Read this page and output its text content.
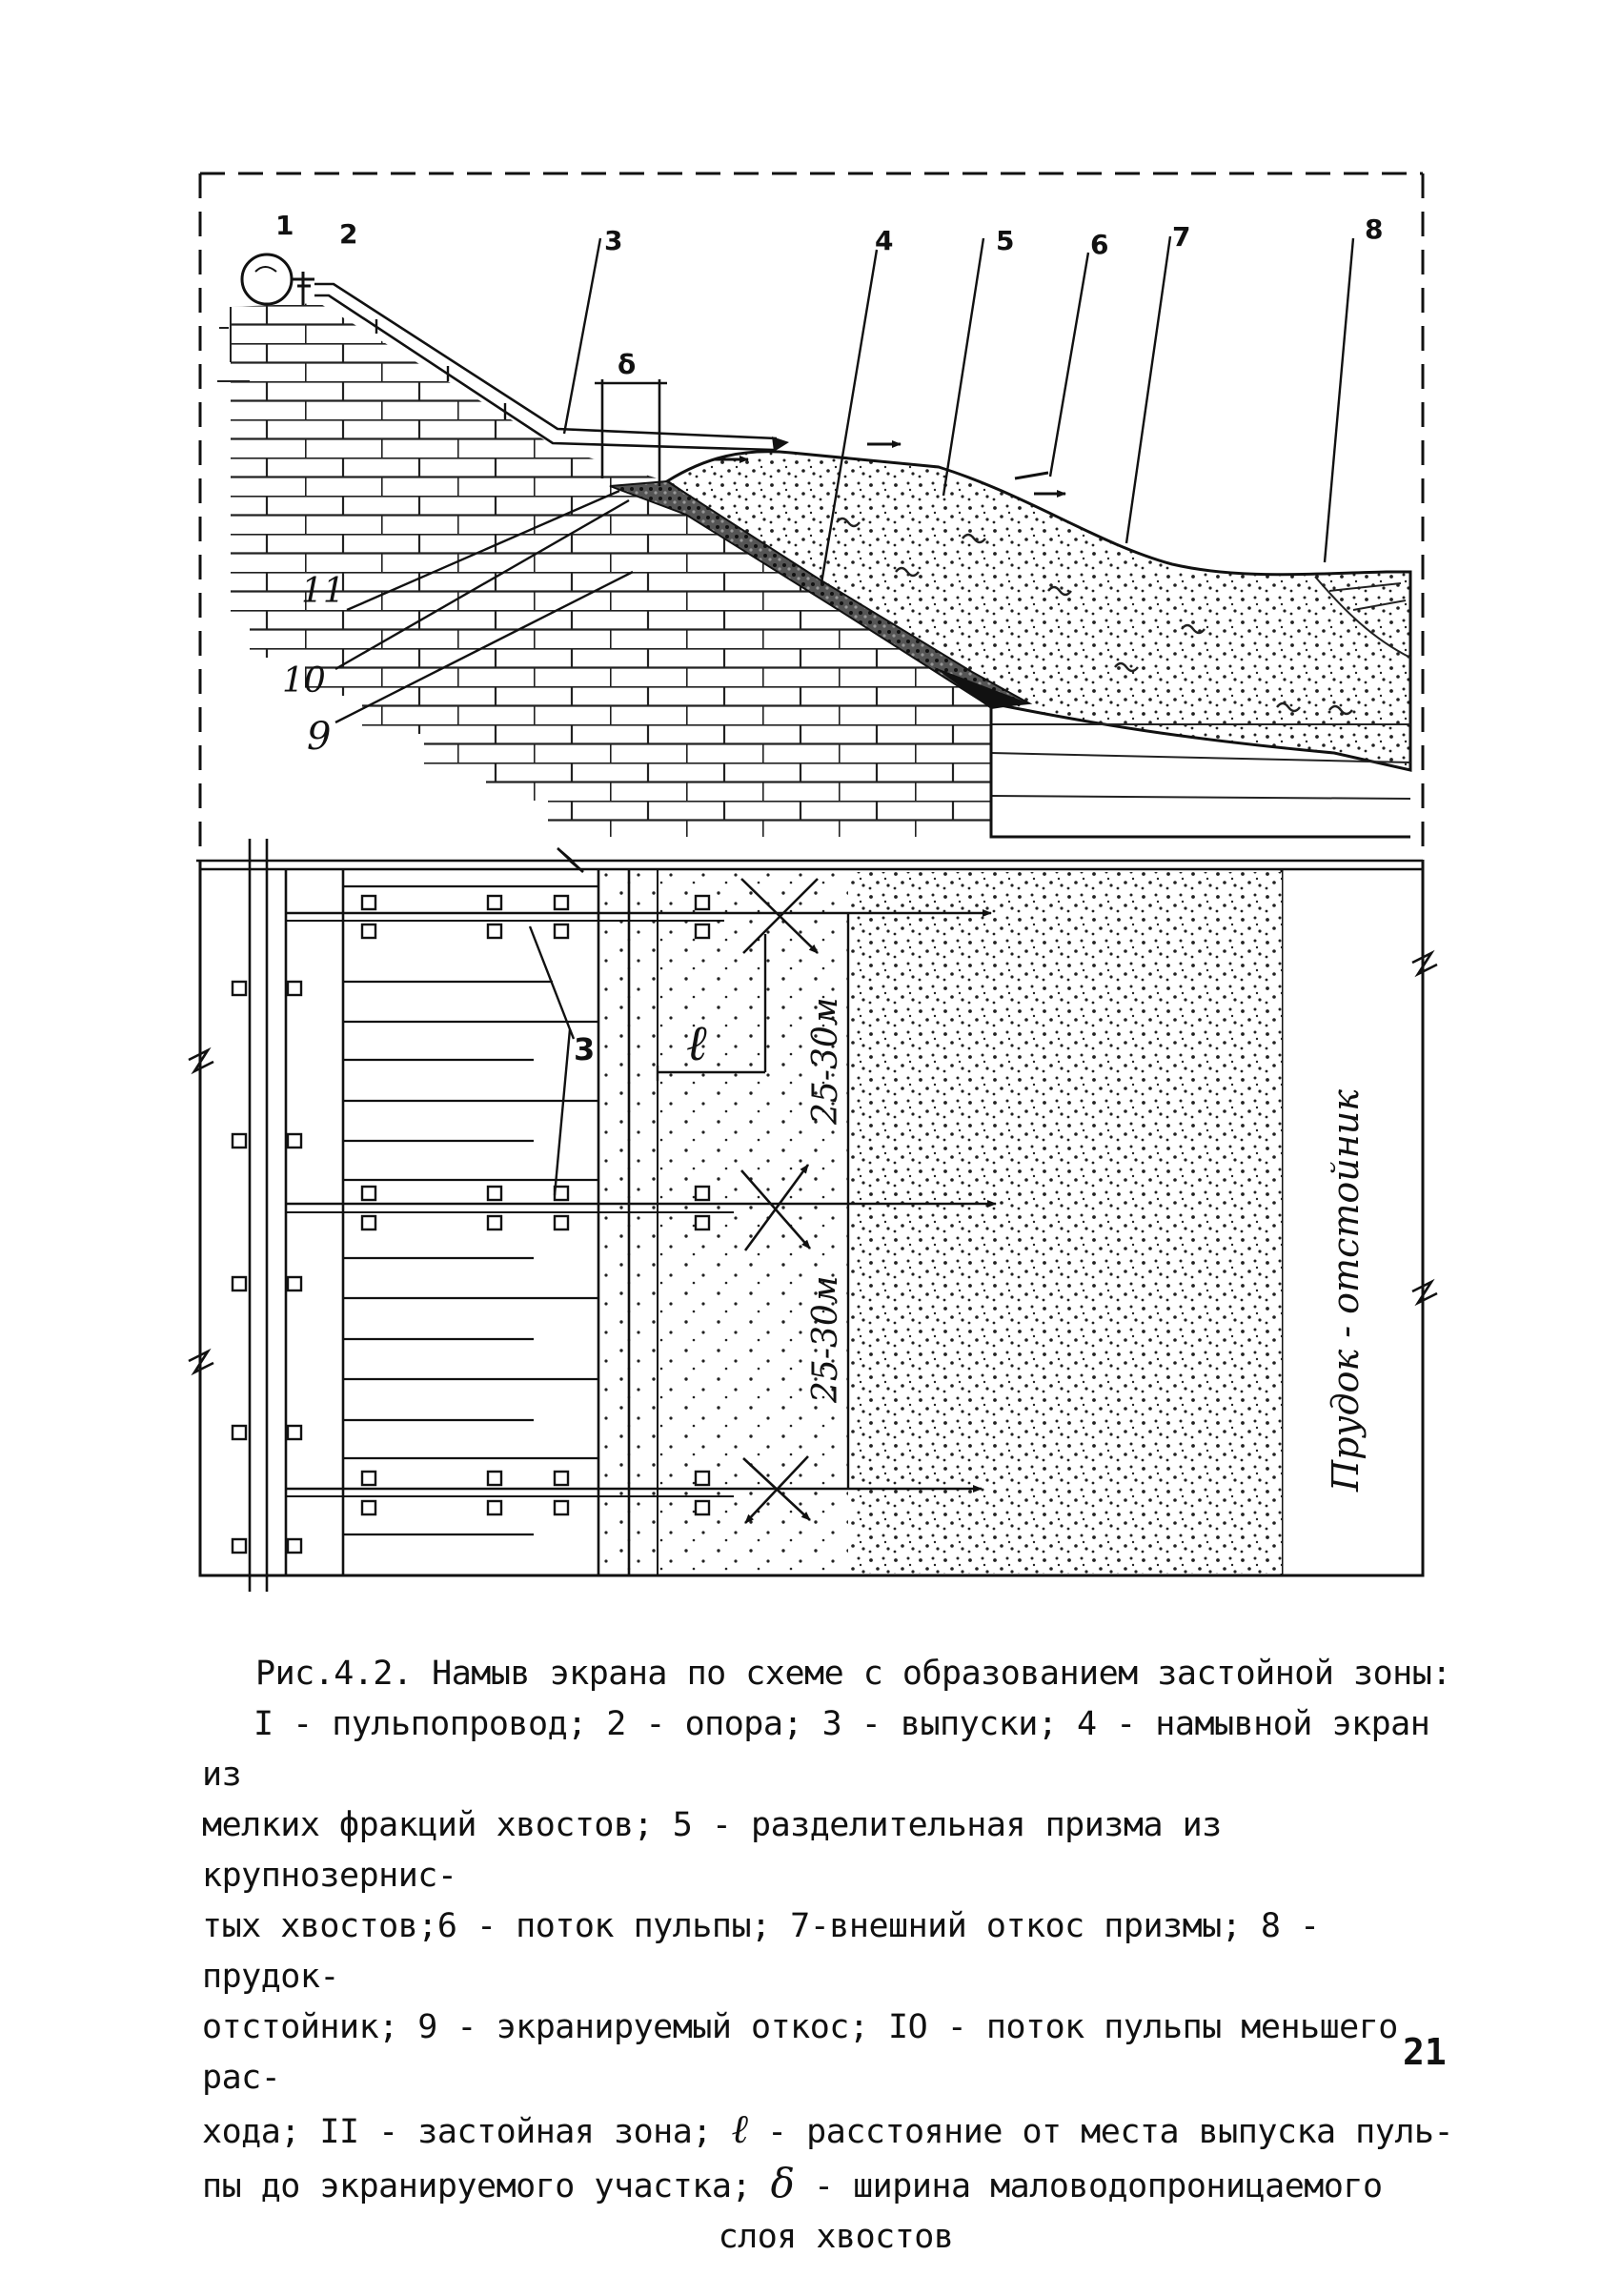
1 2	3	4	5	6 7	8
δ
11
10
9
3 ℓ	25-30м
25-30м	Прудок - отстойник

Рис.4.2. Намыв экрана по схеме с образованием застойной зоны:

I - пульпопровод; 2 - опора; 3 - выпуски; 4 - намывной экран из

мелких фракций хвостов; 5 - разделительная призма из крупнозернис-

тых хвостов;6 - поток пульпы; 7-внешний откос призмы; 8 - прудок-

отстойник; 9 - экранируемый откос; IO - поток пульпы меньшего рас-

хода; II - застойная зона; ℓ - расстояние от места выпуска пуль-

пы до экранируемого участка; δ - ширина маловодопроницаемого

слоя хвостов

21
